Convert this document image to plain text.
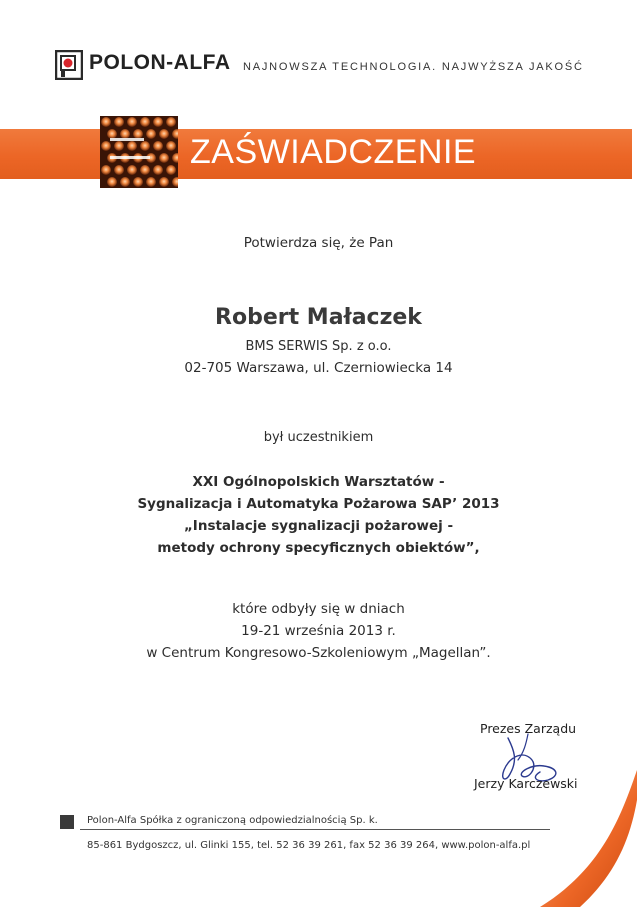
POLON-ALFA NAJNOWSZA TECHNOLOGIA. NAJWYŻSZA JAKOŚĆ
ZAŚWIADCZENIE
Potwierdza się, że Pan
Robert Małaczek
BMS SERWIS Sp. z o.o.
02-705 Warszawa, ul. Czerniowiecka 14
był uczestnikiem
XXI Ogólnopolskich Warsztatów -
Sygnalizacja i Automatyka Pożarowa SAP’ 2013
„Instalacje sygnalizacji pożarowej -
metody ochrony specyficznych obiektów”,
które odbyły się w dniach
19-21 września 2013 r.
w Centrum Kongresowo-Szkoleniowym „Magellan”.
Prezes Zarządu
Jerzy Karczewski
Polon-Alfa Spółka z ograniczoną odpowiedzialnością Sp. k.
85-861 Bydgoszcz, ul. Glinki 155, tel. 52 36 39 261, fax 52 36 39 264, www.polon-alfa.pl
